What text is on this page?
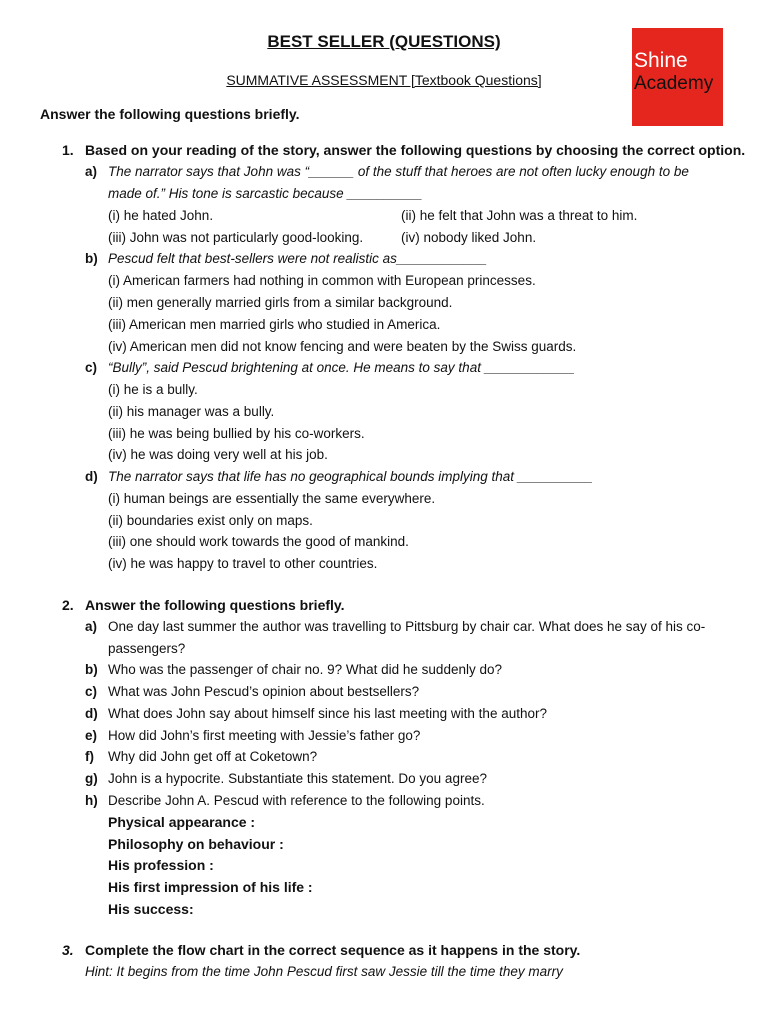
BEST SELLER (QUESTIONS)
SUMMATIVE ASSESSMENT [Textbook Questions]
Shine
Academy
Answer the following questions briefly.
1. Based on your reading of the story, answer the following questions by choosing the correct option.
a) The narrator says that John was “______ of the stuff that heroes are not often lucky enough to be
made of.” His tone is sarcastic because __________
(i) he hated John.	(ii) he felt that John was a threat to him.
(iii) John was not particularly good-looking.	(iv) nobody liked John.
b) Pescud felt that best-sellers were not realistic as____________
(i) American farmers had nothing in common with European princesses.
(ii) men generally married girls from a similar background.
(iii) American men married girls who studied in America.
(iv) American men did not know fencing and were beaten by the Swiss guards.
c) “Bully”, said Pescud brightening at once. He means to say that ____________
(i) he is a bully.
(ii) his manager was a bully.
(iii) he was being bullied by his co-workers.
(iv) he was doing very well at his job.
d) The narrator says that life has no geographical bounds implying that __________
(i) human beings are essentially the same everywhere.
(ii) boundaries exist only on maps.
(iii) one should work towards the good of mankind.
(iv) he was happy to travel to other countries.
2. Answer the following questions briefly.
a) One day last summer the author was travelling to Pittsburg by chair car. What does he say of his co-
passengers?
b) Who was the passenger of chair no. 9? What did he suddenly do?
c) What was John Pescud’s opinion about bestsellers?
d) What does John say about himself since his last meeting with the author?
e) How did John’s first meeting with Jessie’s father go?
f) Why did John get off at Coketown?
g) John is a hypocrite. Substantiate this statement. Do you agree?
h) Describe John A. Pescud with reference to the following points.
Physical appearance :
Philosophy on behaviour :
His profession :
His first impression of his life :
His success:
3. Complete the flow chart in the correct sequence as it happens in the story.
Hint: It begins from the time John Pescud first saw Jessie till the time they marry
